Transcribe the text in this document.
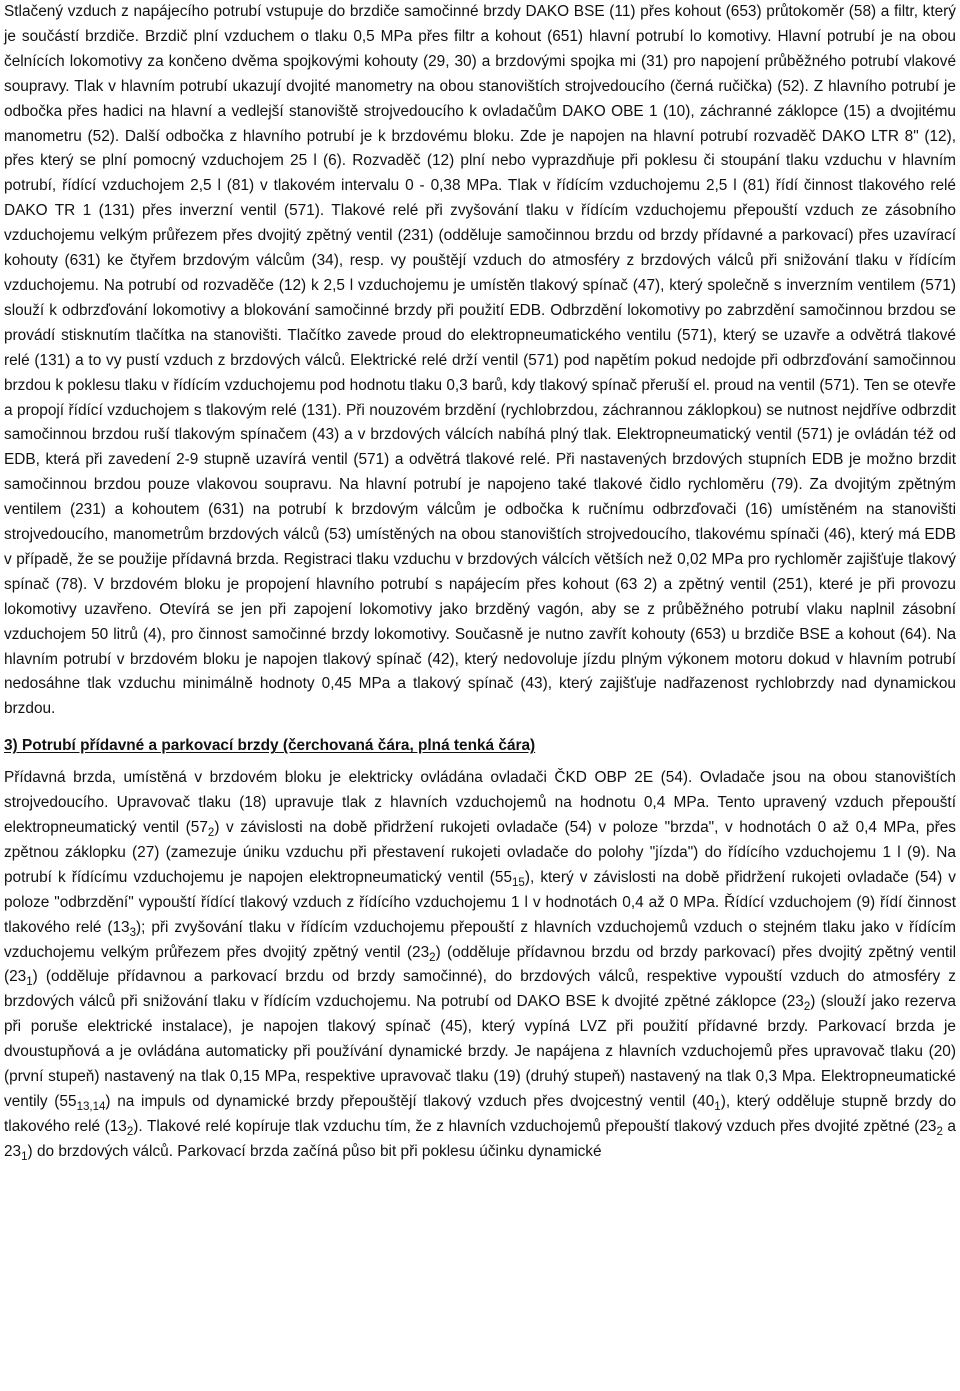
Stlačený vzduch z napájecího potrubí vstupuje do brzdiče samočinné brzdy DAKO BSE (11) přes kohout (653) průtokoměr (58) a filtr, který je součástí brzdiče. Brzdič plní vzduchem o tlaku 0,5 MPa přes filtr a kohout (651) hlavní potrubí lo komotivy. Hlavní potrubí je na obou čelnících lokomotivy za končeno dvěma spojkovými kohouty (29, 30) a brzdovými spojka mi (31) pro napojení průběžného potrubí vlakové soupravy. Tlak v hlavním potrubí ukazují dvojité manometry na obou stanovištích strojvedoucího (černá ručička) (52). Z hlavního potrubí je odbočka přes hadici na hlavní a vedlejší stanoviště strojvedoucího k ovladačům DAKO OBE 1 (10), záchranné záklopce (15) a dvojitému manometru (52). Další odbočka z hlavního potrubí je k brzdovému bloku. Zde je napojen na hlavní potrubí rozvaděč DAKO LTR 8" (12), přes který se plní pomocný vzduchojem 25 l (6). Rozvaděč (12) plní nebo vyprazdňuje při poklesu či stoupání tlaku vzduchu v hlavním potrubí, řídící vzduchojem 2,5 l (81) v tlakovém intervalu 0 - 0,38 MPa. Tlak v řídícím vzduchojemu 2,5 l (81) řídí činnost tlakového relé DAKO TR 1 (131) přes inverzní ventil (571). Tlakové relé při zvyšování tlaku v řídícím vzduchojemu přepouští vzduch ze zásobního vzduchojemu velkým průřezem přes dvojitý zpětný ventil (231) (odděluje samočinnou brzdu od brzdy přídavné a parkovací) přes uzavírací kohouty (631) ke čtyřem brzdovým válcům (34), resp. vy pouštějí vzduch do atmosféry z brzdových válců při snižování tlaku v řídícím vzduchojemu. Na potrubí od rozvaděče (12) k 2,5 l vzduchojemu je umístěn tlakový spínač (47), který společně s inverzním ventilem (571) slouží k odbrzďování lokomotivy a blokování samočinné brzdy při použití EDB. Odbrzdění lokomotivy po zabrzdění samočinnou brzdou se provádí stisknutím tlačítka na stanovišti. Tlačítko zavede proud do elektropneumatického ventilu (571), který se uzavře a odvětrá tlakové relé (131) a to vy pustí vzduch z brzdových válců. Elektrické relé drží ventil (571) pod napětím pokud nedojde při odbrzďování samočinnou brzdou k poklesu tlaku v řídícím vzduchojemu pod hodnotu tlaku 0,3 barů, kdy tlakový spínač přeruší el. proud na ventil (571). Ten se otevře a propojí řídící vzduchojem s tlakovým relé (131). Při nouzovém brzdění (rychlobrzdou, záchrannou záklopkou) se nutnost nejdříve odbrzdit samočinnou brzdou ruší tlakovým spínačem (43) a v brzdových válcích nabíhá plný tlak. Elektropneumatický ventil (571) je ovládán též od EDB, která při zavedení 2-9 stupně uzavírá ventil (571) a odvětrá tlakové relé. Při nastavených brzdových stupních EDB je možno brzdit samočinnou brzdou pouze vlakovou soupravu. Na hlavní potrubí je napojeno také tlakové čidlo rychloměru (79). Za dvojitým zpětným ventilem (231) a kohoutem (631) na potrubí k brzdovým válcům je odbočka k ručnímu odbrzďovači (16) umístěném na stanovišti strojvedoucího, manometrům brzdových válců (53) umístěných na obou stanovištích strojvedoucího, tlakovému spínači (46), který má EDB v případě, že se použije přídavná brzda. Registraci tlaku vzduchu v brzdových válcích větších než 0,02 MPa pro rychloměr zajišťuje tlakový spínač (78). V brzdovém bloku je propojení hlavního potrubí s napájecím přes kohout (63 2) a zpětný ventil (251), které je při provozu lokomotivy uzavřeno. Otevírá se jen při zapojení lokomotivy jako brzděný vagón, aby se z průběžného potrubí vlaku naplnil zásobní vzduchojem 50 litrů (4), pro činnost samočinné brzdy lokomotivy. Současně je nutno zavřít kohouty (653) u brzdiče BSE a kohout (64). Na hlavním potrubí v brzdovém bloku je napojen tlakový spínač (42), který nedovoluje jízdu plným výkonem motoru dokud v hlavním potrubí nedosáhne tlak vzduchu minimálně hodnoty 0,45 MPa a tlakový spínač (43), který zajišťuje nadřazenost rychlobrzdy nad dynamickou brzdou.

3) Potrubí přídavné a parkovací brzdy (čerchovaná čára, plná tenká čára)

Přídavná brzda, umístěná v brzdovém bloku je elektricky ovládána ovladači ČKD OBP 2E (54). Ovladače jsou na obou stanovištích strojvedoucího. Upravovač tlaku (18) upravuje tlak z hlavních vzduchojemů na hodnotu 0,4 MPa. Tento upravený vzduch přepouští elektropneumatický ventil $(57_2)$ v závislosti na době přidržení rukojeti ovladače (54) v poloze "brzda", v hodnotách 0 až 0,4 MPa, přes zpětnou záklopku (27) (zamezuje úniku vzduchu při přestavení rukojeti ovladače do polohy "jízda") do řídícího vzduchojemu 1 l (9). Na potrubí k řídícímu vzduchojemu je napojen elektropneumatický ventil $(55_{15})$, který v závislosti na době přidržení rukojeti ovladače (54) v poloze "odbrzdění" vypouští řídící tlakový vzduch z řídícího vzduchojemu 1 l v hodnotách 0,4 až 0 MPa. Řídící vzduchojem (9) řídí činnost tlakového relé $(13_3)$; při zvyšování tlaku v řídícím vzduchojemu přepouští z hlavních vzduchojemů vzduch o stejném tlaku jako v řídícím vzduchojemu velkým průřezem přes dvojitý zpětný ventil $(23_2)$ (odděluje přídavnou brzdu od brzdy parkovací) přes dvojitý zpětný ventil $(23_1)$ (odděluje přídavnou a parkovací brzdu od brzdy samočinné), do brzdových válců, respektive vypouští vzduch do atmosféry z brzdových válců při snižování tlaku v řídícím vzduchojemu. Na potrubí od DAKO BSE k dvojité zpětné záklopce $(23_2)$ (slouží jako rezerva při poruše elektrické instalace), je napojen tlakový spínač (45), který vypíná LVZ při použití přídavné brzdy. Parkovací brzda je dvoustupňová a je ovládána automaticky při používání dynamické brzdy. Je napájena z hlavních vzduchojemů přes upravovač tlaku (20) (první stupeň) nastavený na tlak 0,15 MPa, respektive upravovač tlaku (19) (druhý stupeň) nastavený na tlak 0,3 Mpa. Elektropneumatické ventily $(55_{13,14})$ na impuls od dynamické brzdy přepouštějí tlakový vzduch přes dvojcestný ventil $(40_1)$, který odděluje stupně brzdy do tlakového relé $(13_2)$. Tlakové relé kopíruje tlak vzduchu tím, že z hlavních vzduchojemů přepouští tlakový vzduch přes dvojité zpětné ($23_2$ a $23_1$) do brzdových válců. Parkovací brzda začíná půso bit při poklesu účinku dynamické
